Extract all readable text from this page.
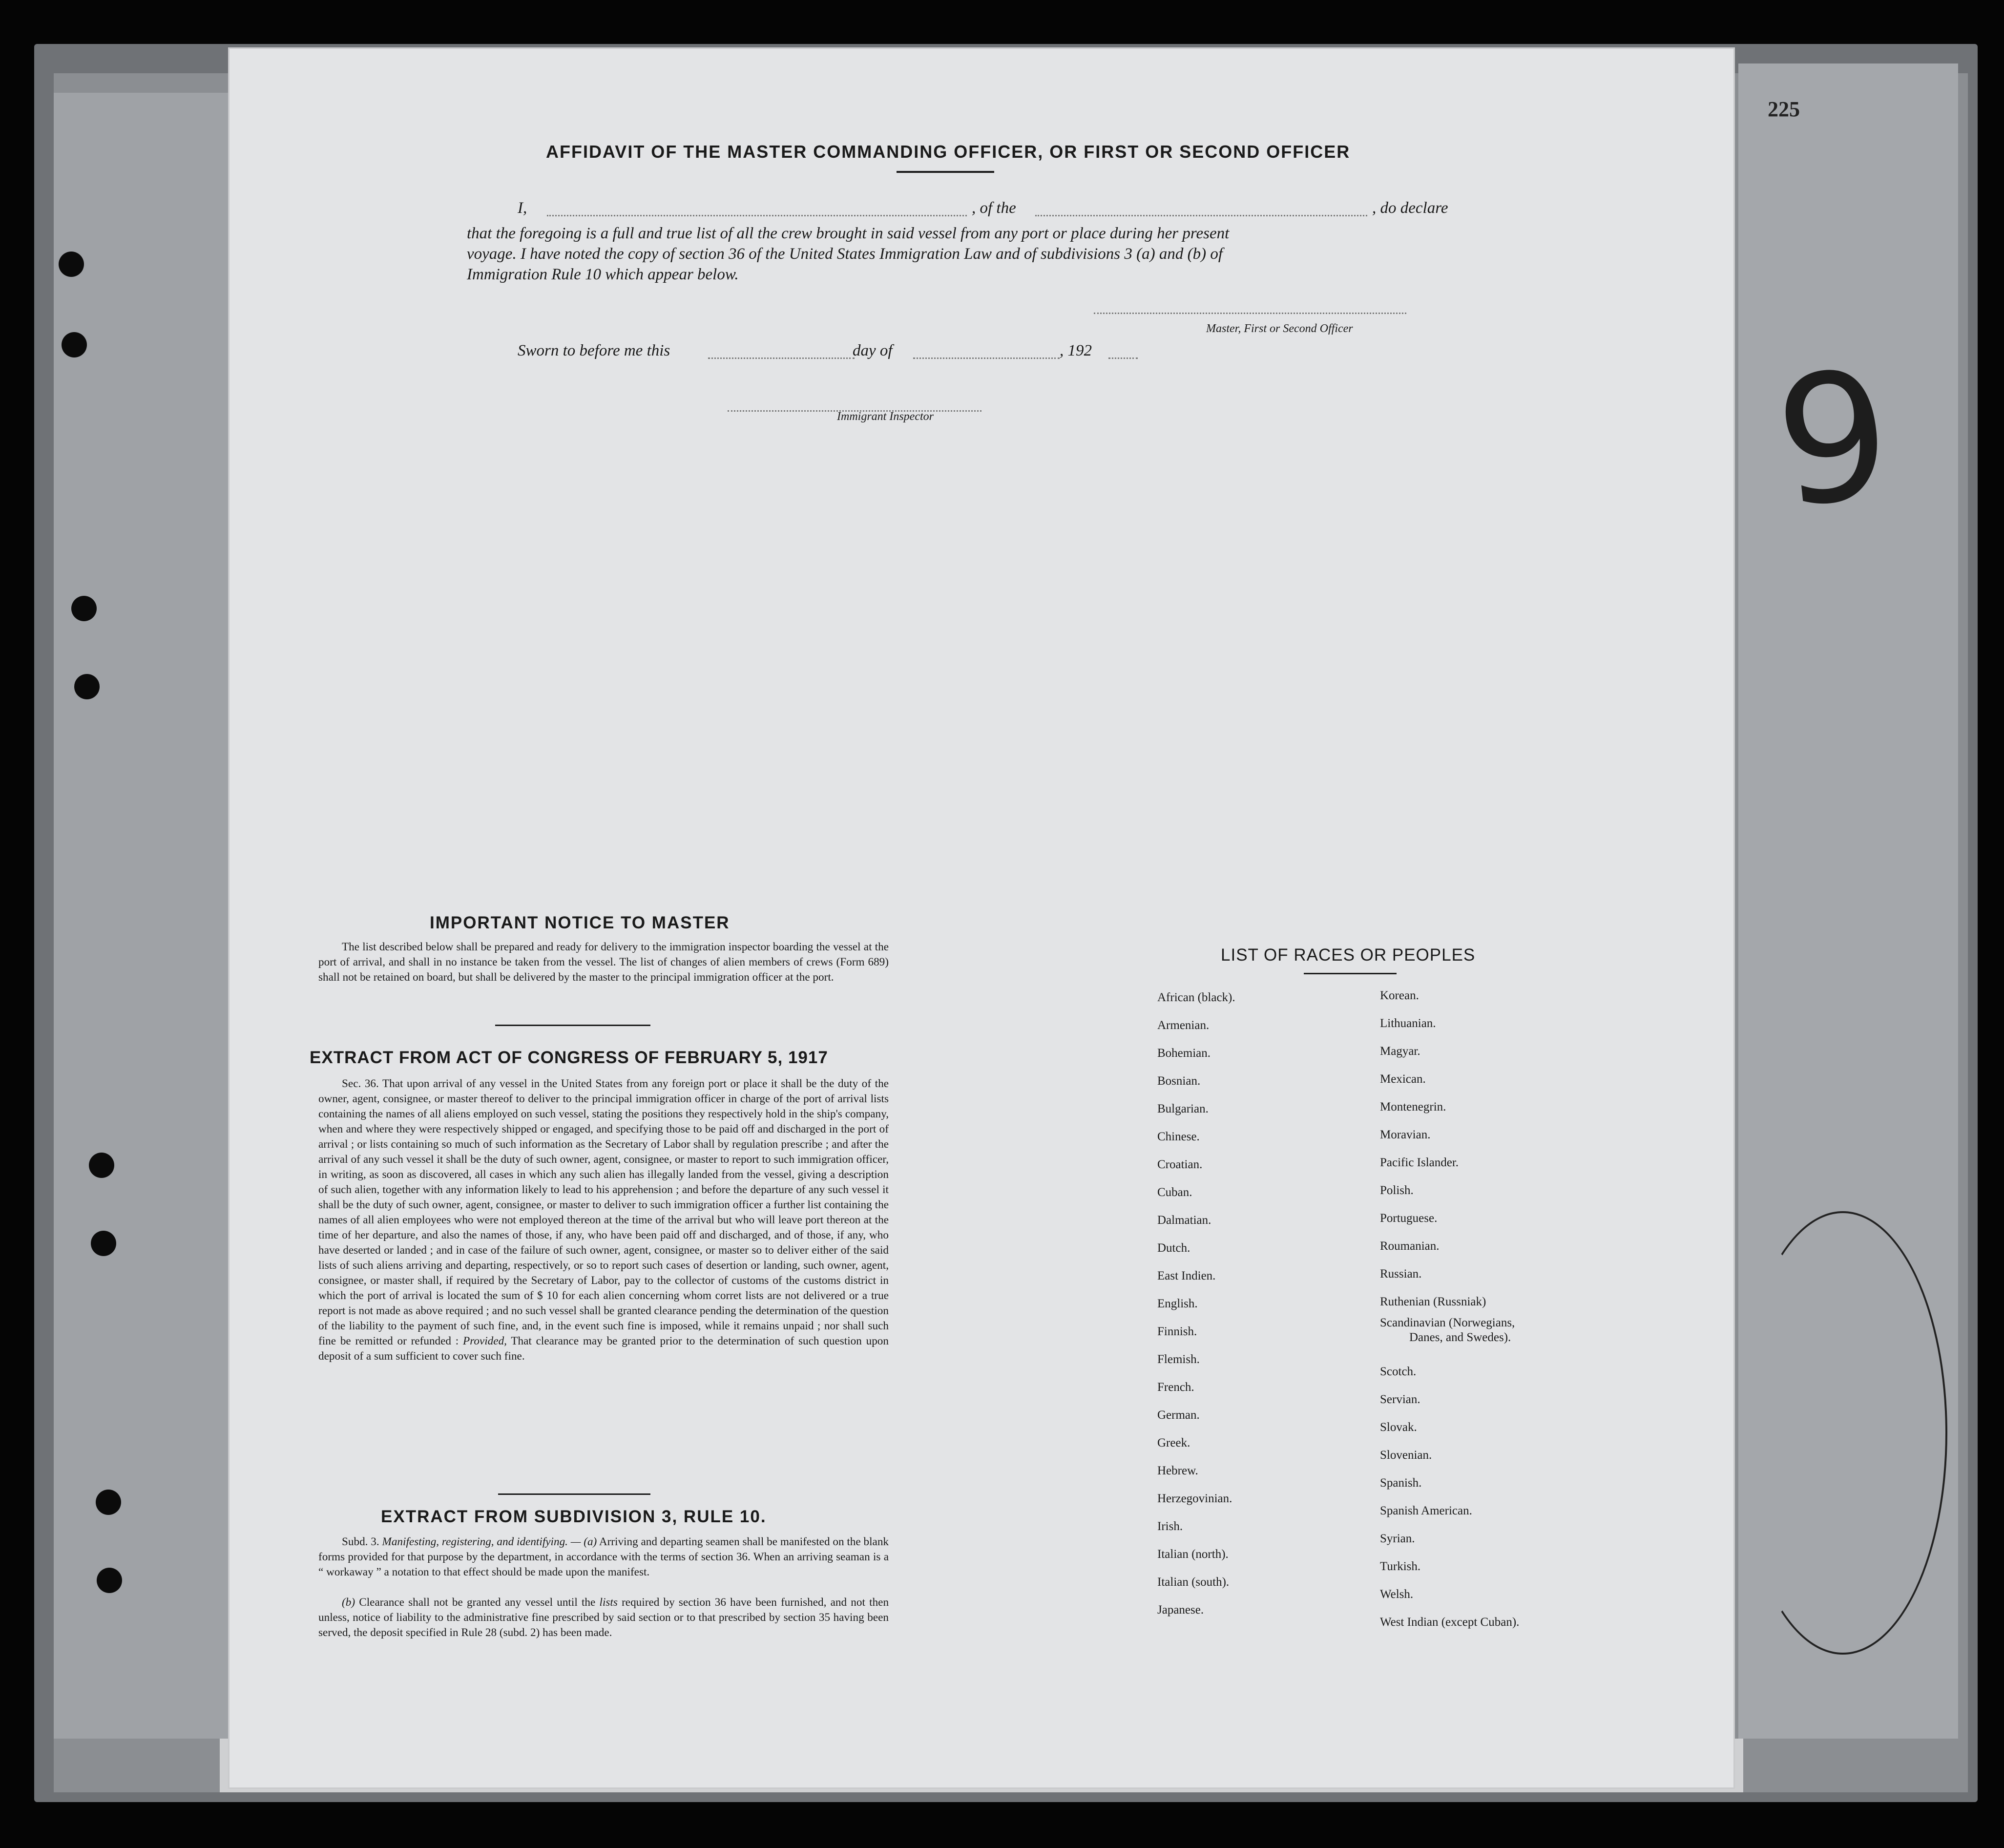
225
9
AFFIDAVIT OF THE MASTER COMMANDING OFFICER, OR FIRST OR SECOND OFFICER
I,	, of the	, do declare
that the foregoing is a full and true list of all the crew brought in said vessel from any port or place during her present
voyage. I have noted the copy of section 36 of the United States Immigration Law and of subdivisions 3 (a) and (b) of
Immigration Rule 10 which appear below.
Master, First or Second Officer
Sworn to before me this	day of	, 192
Immigrant Inspector
IMPORTANT NOTICE TO MASTER
The list described below shall be prepared and ready for delivery to the immigration inspector boarding the vessel at the port of arrival, and shall in no instance be taken from the vessel. The list of changes of alien members of crews (Form 689) shall not be retained on board, but shall be delivered by the master to the principal immigration officer at the port.
EXTRACT FROM ACT OF CONGRESS OF FEBRUARY 5, 1917
Sec. 36. That upon arrival of any vessel in the United States from any foreign port or place it shall be the duty of the owner, agent, consignee, or master thereof to deliver to the principal immigration officer in charge of the port of arrival lists containing the names of all aliens employed on such vessel, stating the positions they respectively hold in the ship's company, when and where they were respectively shipped or engaged, and specifying those to be paid off and discharged in the port of arrival ; or lists containing so much of such information as the Secretary of Labor shall by regulation prescribe ; and after the arrival of any such vessel it shall be the duty of such owner, agent, consignee, or master to report to such immigration officer, in writing, as soon as discovered, all cases in which any such alien has illegally landed from the vessel, giving a description of such alien, together with any information likely to lead to his apprehension ; and before the departure of any such vessel it shall be the duty of such owner, agent, consignee, or master to deliver to such immigration officer a further list containing the names of all alien employees who were not employed thereon at the time of the arrival but who will leave port thereon at the time of her departure, and also the names of those, if any, who have been paid off and discharged, and of those, if any, who have deserted or landed ; and in case of the failure of such owner, agent, consignee, or master so to deliver either of the said lists of such aliens arriving and departing, respectively, or so to report such cases of desertion or landing, such owner, agent, consignee, or master shall, if required by the Secretary of Labor, pay to the collector of customs of the customs district in which the port of arrival is located the sum of $ 10 for each alien concerning whom corret lists are not delivered or a true report is not made as above required ; and no such vessel shall be granted clearance pending the determination of the question of the liability to the payment of such fine, and, in the event such fine is imposed, while it remains unpaid ; nor shall such fine be remitted or refunded : Provided, That clearance may be granted prior to the determination of such question upon deposit of a sum sufficient to cover such fine.
EXTRACT FROM SUBDIVISION 3, RULE 10.
Subd. 3. Manifesting, registering, and identifying. — (a) Arriving and departing seamen shall be manifested on the blank forms provided for that purpose by the department, in accordance with the terms of section 36. When an arriving seaman is a “ workaway ” a notation to that effect should be made upon the manifest.
(b) Clearance shall not be granted any vessel until the lists required by section 36 have been furnished, and not then unless, notice of liability to the administrative fine prescribed by said section or to that prescribed by section 35 having been served, the deposit specified in Rule 28 (subd. 2) has been made.
LIST OF RACES OR PEOPLES
African (black).
Armenian.
Bohemian.
Bosnian.
Bulgarian.
Chinese.
Croatian.
Cuban.
Dalmatian.
Dutch.
East Indien.
English.
Finnish.
Flemish.
French.
German.
Greek.
Hebrew.
Herzegovinian.
Irish.
Italian (north).
Italian (south).
Japanese.
Korean.
Lithuanian.
Magyar.
Mexican.
Montenegrin.
Moravian.
Pacific Islander.
Polish.
Portuguese.
Roumanian.
Russian.
Ruthenian (Russniak)
Scandinavian (Norwegians,
Danes, and Swedes).
Scotch.
Servian.
Slovak.
Slovenian.
Spanish.
Spanish American.
Syrian.
Turkish.
Welsh.
West Indian (except Cuban).
